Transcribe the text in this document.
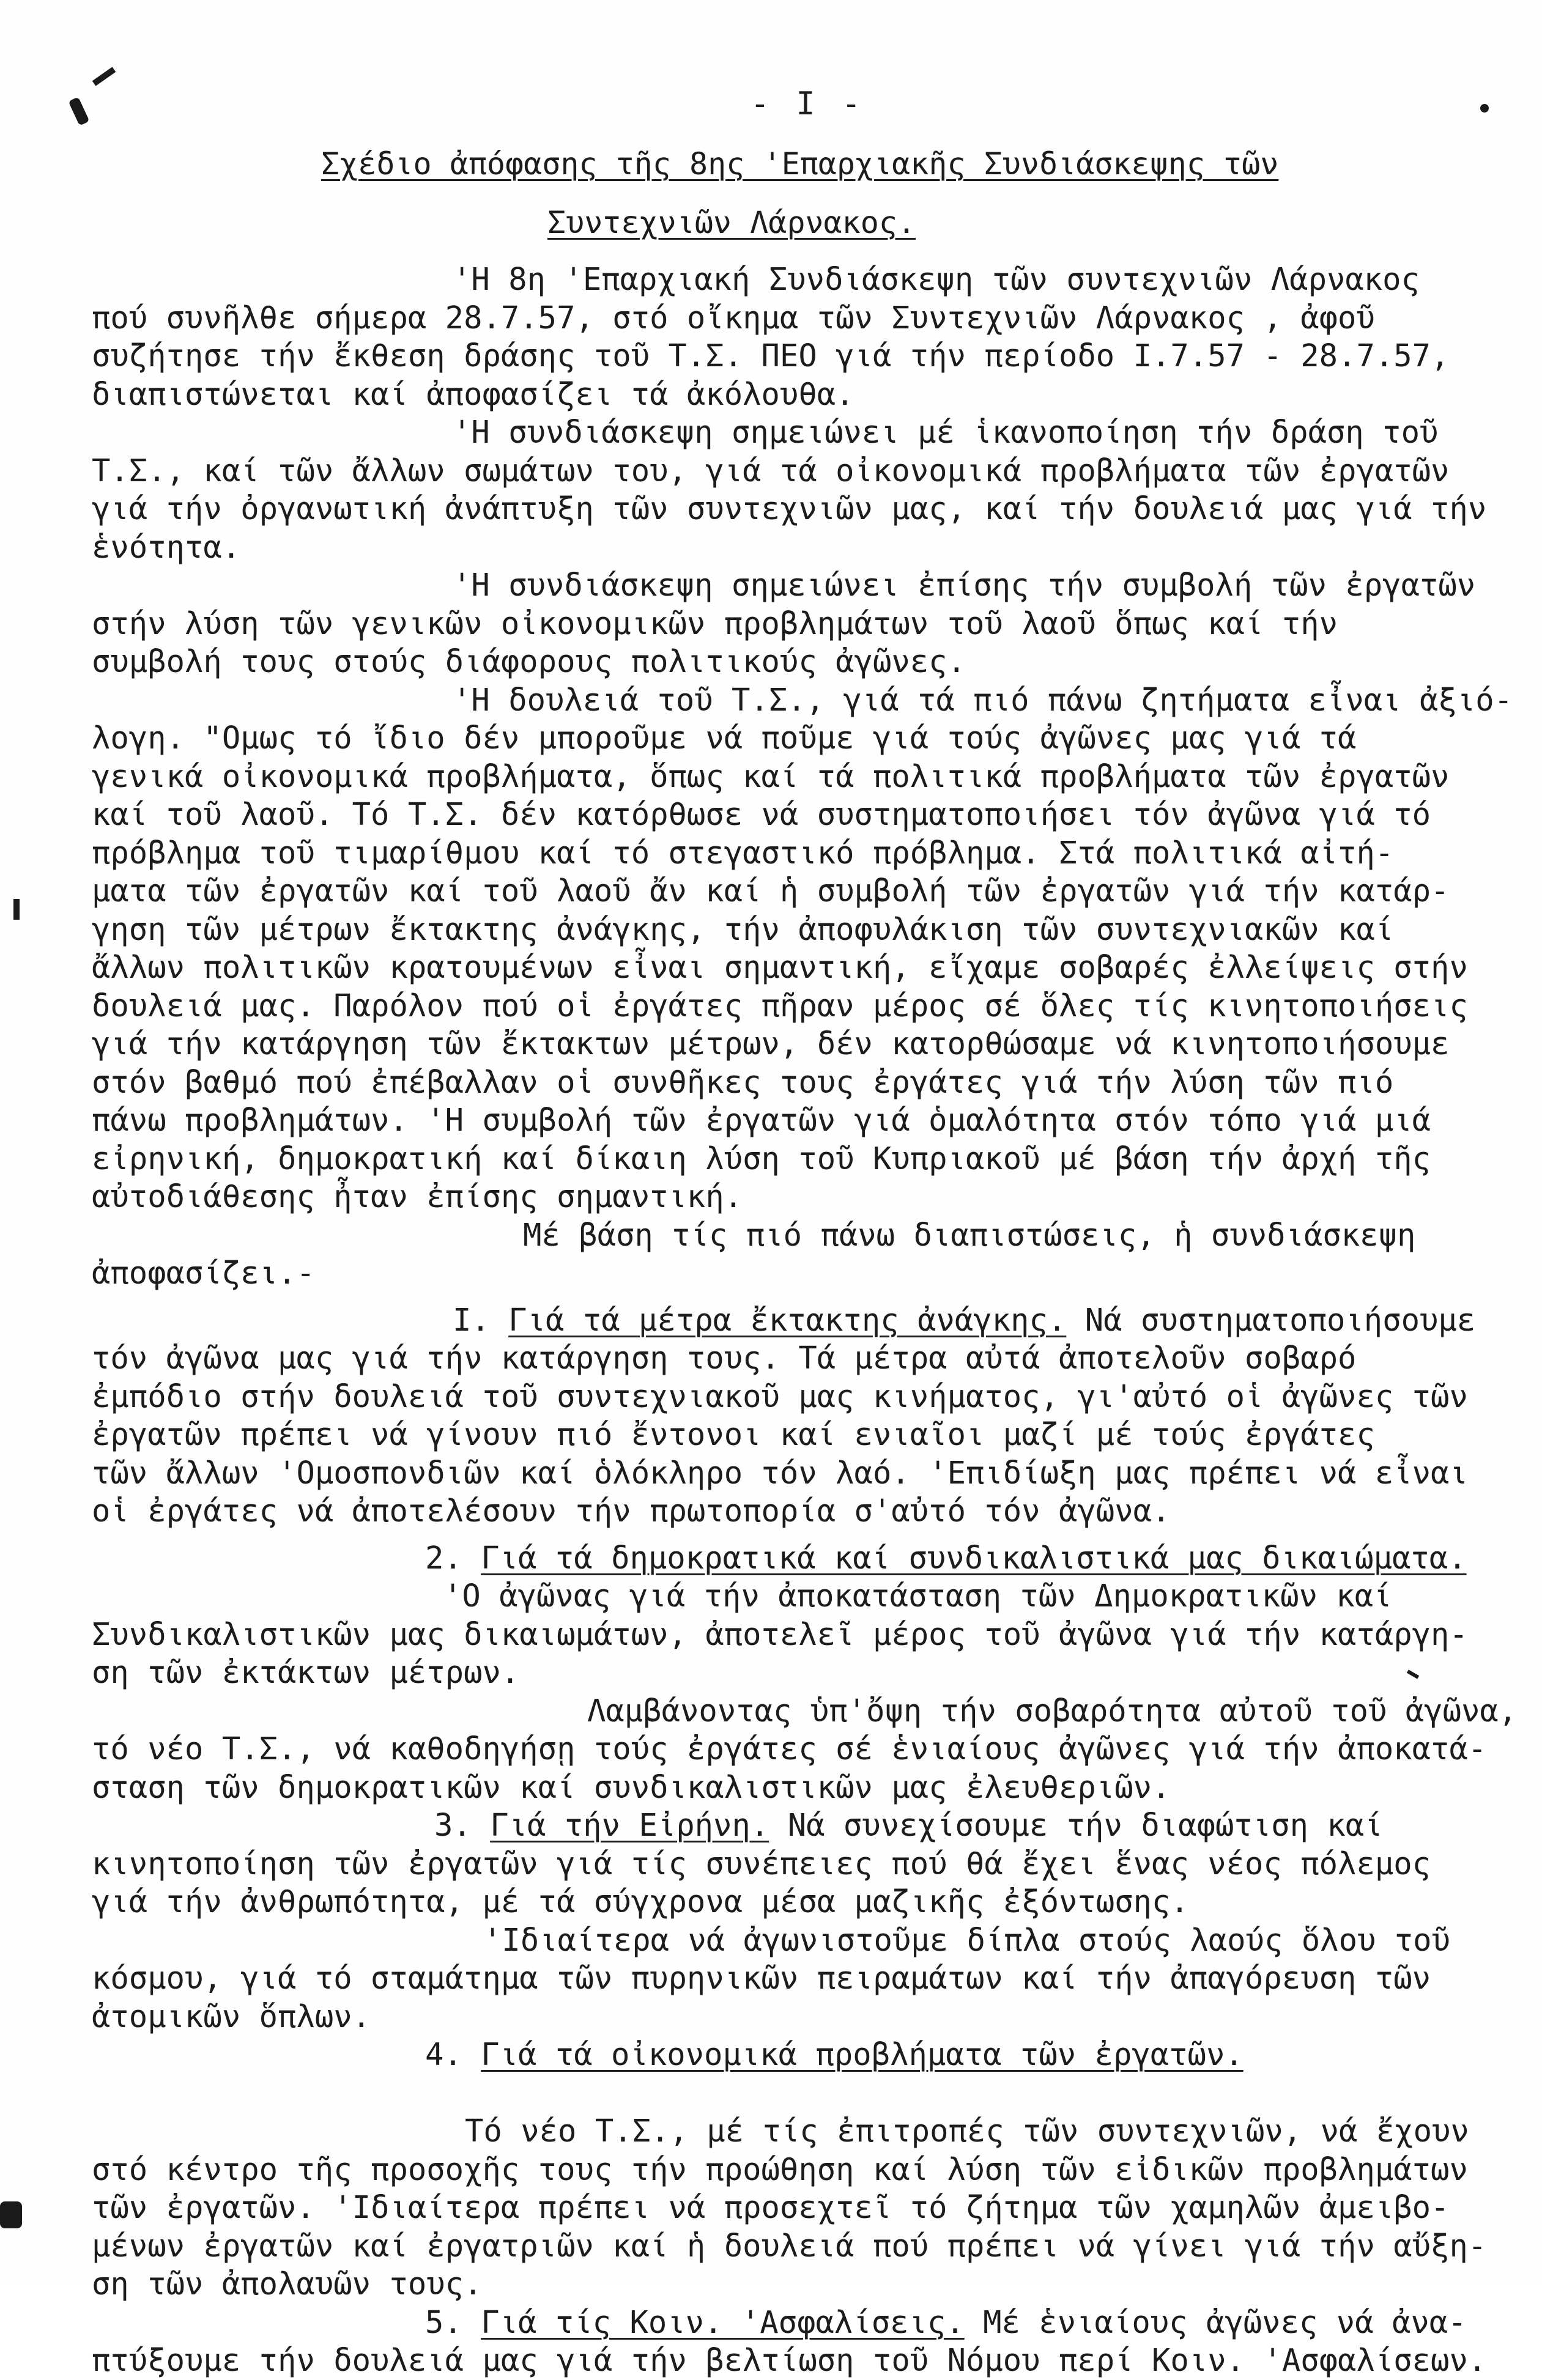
- I -
Σχέδιο ἀπόφασης τῆς 8ης 'Επαρχιακῆς Συνδιάσκεψης τῶν
Συντεχνιῶν Λάρνακος.
'Η 8η 'Επαρχιακή Συνδιάσκεψη τῶν συντεχνιῶν Λάρνακος
πού συνῆλθε σήμερα 28.7.57, στό οἴκημα τῶν Συντεχνιῶν Λάρνακος , ἀφοῦ
συζήτησε τήν ἔκθεση δράσης τοῦ Τ.Σ. ΠΕΟ γιά τήν περίοδο Ι.7.57 - 28.7.57,
διαπιστώνεται καί ἀποφασίζει τά ἀκόλουθα.
'Η συνδιάσκεψη σημειώνει μέ ἱκανοποίηση τήν δράση τοῦ
Τ.Σ., καί τῶν ἄλλων σωμάτων του, γιά τά οἰκονομικά προβλήματα τῶν ἐργατῶν
γιά τήν ὀργανωτική ἀνάπτυξη τῶν συντεχνιῶν μας, καί τήν δουλειά μας γιά τήν
ἑνότητα.
'Η συνδιάσκεψη σημειώνει ἐπίσης τήν συμβολή τῶν ἐργατῶν
στήν λύση τῶν γενικῶν οἰκονομικῶν προβλημάτων τοῦ λαοῦ ὅπως καί τήν
συμβολή τους στούς διάφορους πολιτικούς ἀγῶνες.
'Η δουλειά τοῦ Τ.Σ., γιά τά πιό πάνω ζητήματα εἶναι ἀξιό-
λογη. "Ομως τό ἴδιο δέν μποροῦμε νά ποῦμε γιά τούς ἀγῶνες μας γιά τά
γενικά οἰκονομικά προβλήματα, ὅπως καί τά πολιτικά προβλήματα τῶν ἐργατῶν
καί τοῦ λαοῦ. Τό Τ.Σ. δέν κατόρθωσε νά συστηματοποιήσει τόν ἀγῶνα γιά τό
πρόβλημα τοῦ τιμαρίθμου καί τό στεγαστικό πρόβλημα. Στά πολιτικά αἰτή-
ματα τῶν ἐργατῶν καί τοῦ λαοῦ ἄν καί ἡ συμβολή τῶν ἐργατῶν γιά τήν κατάρ-
γηση τῶν μέτρων ἔκτακτης ἀνάγκης, τήν ἀποφυλάκιση τῶν συντεχνιακῶν καί
ἄλλων πολιτικῶν κρατουμένων εἶναι σημαντική, εἴχαμε σοβαρές ἐλλείψεις στήν
δουλειά μας. Παρόλον πού οἱ ἐργάτες πῆραν μέρος σέ ὅλες τίς κινητοποιήσεις
γιά τήν κατάργηση τῶν ἔκτακτων μέτρων, δέν κατορθώσαμε νά κινητοποιήσουμε
στόν βαθμό πού ἐπέβαλλαν οἱ συνθῆκες τους ἐργάτες γιά τήν λύση τῶν πιό
πάνω προβλημάτων. 'Η συμβολή τῶν ἐργατῶν γιά ὁμαλότητα στόν τόπο γιά μιά
εἰρηνική, δημοκρατική καί δίκαιη λύση τοῦ Κυπριακοῦ μέ βάση τήν ἀρχή τῆς
αὐτοδιάθεσης ἦταν ἐπίσης σημαντική.
Μέ βάση τίς πιό πάνω διαπιστώσεις, ἡ συνδιάσκεψη
ἀποφασίζει.-
I. Γιά τά μέτρα ἔκτακτης ἀνάγκης. Νά συστηματοποιήσουμε
τόν ἀγῶνα μας γιά τήν κατάργηση τους. Τά μέτρα αὐτά ἀποτελοῦν σοβαρό
ἐμπόδιο στήν δουλειά τοῦ συντεχνιακοῦ μας κινήματος, γι'αὐτό οἱ ἀγῶνες τῶν
ἐργατῶν πρέπει νά γίνουν πιό ἔντονοι καί ενιαῖοι μαζί μέ τούς ἐργάτες
τῶν ἄλλων 'Ομοσπονδιῶν καί ὁλόκληρο τόν λαό. 'Επιδίωξη μας πρέπει νά εἶναι
οἱ ἐργάτες νά ἀποτελέσουν τήν πρωτοπορία σ'αὐτό τόν ἀγῶνα.
2. Γιά τά δημοκρατικά καί συνδικαλιστικά μας δικαιώματα.
'Ο ἀγῶνας γιά τήν ἀποκατάσταση τῶν Δημοκρατικῶν καί
Συνδικαλιστικῶν μας δικαιωμάτων, ἀποτελεῖ μέρος τοῦ ἀγῶνα γιά τήν κατάργη-
ση τῶν ἐκτάκτων μέτρων.
Λαμβάνοντας ὑπ'ὄψη τήν σοβαρότητα αὐτοῦ τοῦ ἀγῶνα,
τό νέο Τ.Σ., νά καθοδηγήσῃ τούς ἐργάτες σέ ἑνιαίους ἀγῶνες γιά τήν ἀποκατά-
σταση τῶν δημοκρατικῶν καί συνδικαλιστικῶν μας ἐλευθεριῶν.
3. Γιά τήν Εἰρήνη. Νά συνεχίσουμε τήν διαφώτιση καί
κινητοποίηση τῶν ἐργατῶν γιά τίς συνέπειες πού θά ἔχει ἕνας νέος πόλεμος
γιά τήν ἀνθρωπότητα, μέ τά σύγχρονα μέσα μαζικῆς ἐξόντωσης.
'Ιδιαίτερα νά ἀγωνιστοῦμε δίπλα στούς λαούς ὅλου τοῦ
κόσμου, γιά τό σταμάτημα τῶν πυρηνικῶν πειραμάτων καί τήν ἀπαγόρευση τῶν
ἀτομικῶν ὅπλων.
4. Γιά τά οἰκονομικά προβλήματα τῶν ἐργατῶν.
Τό νέο Τ.Σ., μέ τίς ἐπιτροπές τῶν συντεχνιῶν, νά ἔχουν
στό κέντρο τῆς προσοχῆς τους τήν προώθηση καί λύση τῶν εἰδικῶν προβλημάτων
τῶν ἐργατῶν. 'Ιδιαίτερα πρέπει νά προσεχτεῖ τό ζήτημα τῶν χαμηλῶν ἀμειβο-
μένων ἐργατῶν καί ἐργατριῶν καί ἡ δουλειά πού πρέπει νά γίνει γιά τήν αὔξη-
ση τῶν ἀπολαυῶν τους.
5. Γιά τίς Κοιν. 'Ασφαλίσεις. Μέ ἑνιαίους ἀγῶνες νά ἀνα-
πτύξουμε τήν δουλειά μας γιά τήν βελτίωση τοῦ Νόμου περί Κοιν. 'Ασφαλίσεων.
